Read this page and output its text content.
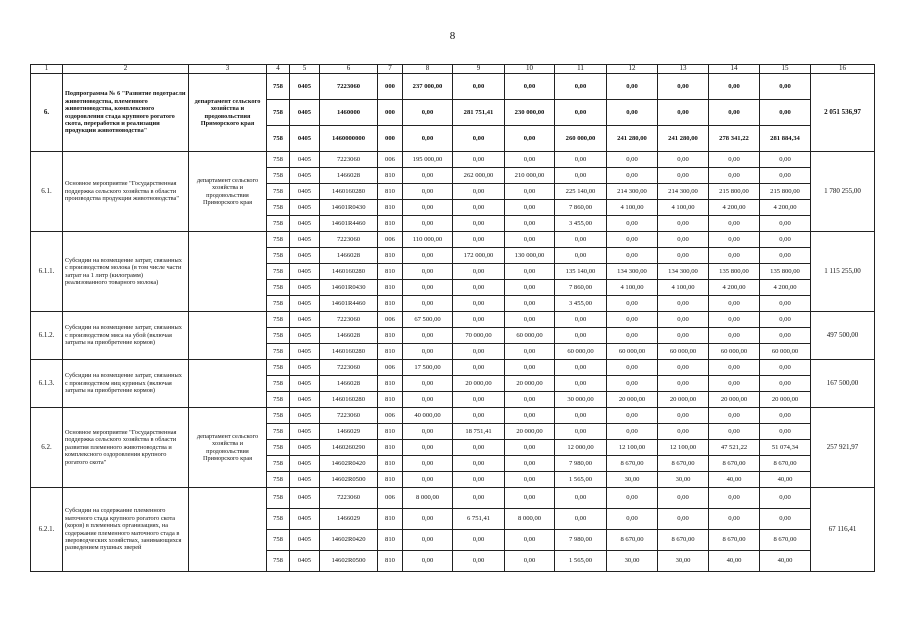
8
1	2	3	4	5	6	7	8	9	10	11	12	13	14	15	16
6.	Подпрограмма № 6 "Развитие подотрасли животноводства, племенного животноводства, комплексного оздоровления стада крупного рогатого скота, переработки и реализации продукции животноводства"	департамент сельского хозяйства и продовольствия Приморского края	758	0405	7223060	000	237 000,00	0,00	0,00	0,00	0,00	0,00	0,00	0,00	2 051 536,97
			758	0405	1460000	000	0,00	281 751,41	230 000,00	0,00	0,00	0,00	0,00	0,00	
			758	0405	1460000000	000	0,00	0,00	0,00	260 000,00	241 280,00	241 280,00	278 341,22	281 884,34	
6.1.	Основное мероприятие "Государственная поддержка сельского хозяйства в области производства продукции животноводства"	департамент сельского хозяйства и продовольствия Приморского края	758	0405	7223060	006	195 000,00	0,00	0,00	0,00	0,00	0,00	0,00	0,00	1 780 255,00
			758	0405	1466028	810	0,00	262 000,00	210 000,00	0,00	0,00	0,00	0,00	0,00	
			758	0405	1460160280	810	0,00	0,00	0,00	225 140,00	214 300,00	214 300,00	215 800,00	215 800,00	
			758	0405	14601R0430	810	0,00	0,00	0,00	7 860,00	4 100,00	4 100,00	4 200,00	4 200,00	
			758	0405	14601R4460	810	0,00	0,00	0,00	3 455,00	0,00	0,00	0,00	0,00	
6.1.1.	Субсидии на возмещение затрат, связанных с производством молока (в том числе части затрат на 1 литр (килограмм) реализованного товарного молока)		758	0405	7223060	006	110 000,00	0,00	0,00	0,00	0,00	0,00	0,00	0,00	1 115 255,00
			758	0405	1466028	810	0,00	172 000,00	130 000,00	0,00	0,00	0,00	0,00	0,00	
			758	0405	1460160280	810	0,00	0,00	0,00	135 140,00	134 300,00	134 300,00	135 800,00	135 800,00	
			758	0405	14601R0430	810	0,00	0,00	0,00	7 860,00	4 100,00	4 100,00	4 200,00	4 200,00	
			758	0405	14601R4460	810	0,00	0,00	0,00	3 455,00	0,00	0,00	0,00	0,00	
6.1.2.	Субсидии на возмещение затрат, связанных с производством мяса на убой (включая затраты на приобретение кормов)		758	0405	7223060	006	67 500,00	0,00	0,00	0,00	0,00	0,00	0,00	0,00	497 500,00
			758	0405	1466028	810	0,00	70 000,00	60 000,00	0,00	0,00	0,00	0,00	0,00	
			758	0405	1460160280	810	0,00	0,00	0,00	60 000,00	60 000,00	60 000,00	60 000,00	60 000,00	
6.1.3.	Субсидии на возмещение затрат, связанных с производством яиц куриных (включая затраты на приобретение кормов)		758	0405	7223060	006	17 500,00	0,00	0,00	0,00	0,00	0,00	0,00	0,00	167 500,00
			758	0405	1466028	810	0,00	20 000,00	20 000,00	0,00	0,00	0,00	0,00	0,00	
			758	0405	1460160280	810	0,00	0,00	0,00	30 000,00	20 000,00	20 000,00	20 000,00	20 000,00	
6.2.	Основное мероприятие "Государственная поддержка сельского хозяйства в области развития племенного животноводства и комплексного оздоровления крупного рогатого скота"	департамент сельского хозяйства и продовольствия Приморского края	758	0405	7223060	006	40 000,00	0,00	0,00	0,00	0,00	0,00	0,00	0,00	257 921,97
			758	0405	1466029	810	0,00	18 751,41	20 000,00	0,00	0,00	0,00	0,00	0,00	
			758	0405	1460260290	810	0,00	0,00	0,00	12 000,00	12 100,00	12 100,00	47 521,22	51 074,34	
			758	0405	14602R0420	810	0,00	0,00	0,00	7 980,00	8 670,00	8 670,00	8 670,00	8 670,00	
			758	0405	14602R0500	810	0,00	0,00	0,00	1 565,00	30,00	30,00	40,00	40,00	
6.2.1.	Субсидии на содержание племенного маточного стада крупного рогатого скота (коров) в племенных организациях, на содержание племенного маточного стада в звероводческих хозяйствах, занимающихся разведением пушных зверей		758	0405	7223060	006	8 000,00	0,00	0,00	0,00	0,00	0,00	0,00	0,00	67 116,41
			758	0405	1466029	810	0,00	6 751,41	8 000,00	0,00	0,00	0,00	0,00	0,00	
			758	0405	14602R0420	810	0,00	0,00	0,00	7 980,00	8 670,00	8 670,00	8 670,00	8 670,00	
			758	0405	14602R0500	810	0,00	0,00	0,00	1 565,00	30,00	30,00	40,00	40,00	
